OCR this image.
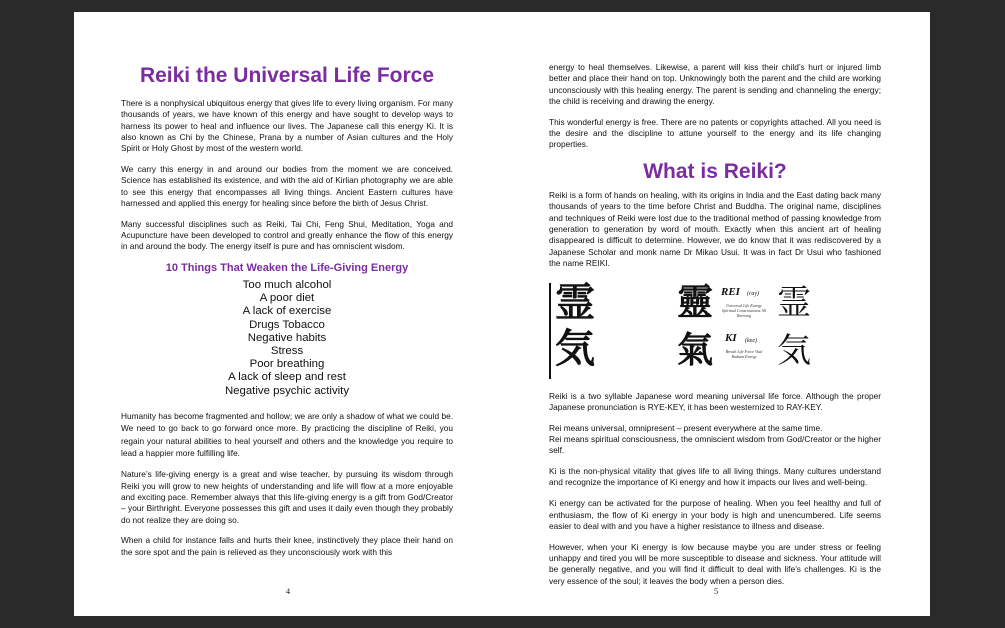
Reiki the Universal Life Force

There is a nonphysical ubiquitous energy that gives life to every living organism. For many thousands of years, we have known of this energy and have sought to develop ways to harness its power to heal and influence our lives. The Japanese call this energy Ki. It is also known as Chi by the Chinese, Prana by a number of Asian cultures and the Holy Spirit or Holy Ghost by most of the western world.

We carry this energy in and around our bodies from the moment we are conceived. Science has established its existence, and with the aid of Kirlian photography we are able to see this energy that encompasses all living things. Ancient Eastern cultures have harnessed and applied this energy for healing since before the birth of Jesus Christ.

Many successful disciplines such as Reiki, Tai Chi, Feng Shui, Meditation, Yoga and Acupuncture have been developed to control and greatly enhance the flow of this energy in and around the body. The energy itself is pure and has omniscient wisdom.

10 Things That Weaken the Life-Giving Energy
Too much alcohol
A poor diet
A lack of exercise
Drugs Tobacco
Negative habits
Stress
Poor breathing
A lack of sleep and rest
Negative psychic activity

Humanity has become fragmented and hollow; we are only a shadow of what we could be. We need to go back to go forward once more. By practicing the discipline of Reiki, you regain your natural abilities to heal yourself and others and the knowledge you require to lead a happier more fulfilling life.

Nature’s life-giving energy is a great and wise teacher, by pursuing its wisdom through Reiki you will grow to new heights of understanding and life will flow at a more enjoyable and exciting pace. Remember always that this life-giving energy is a gift from God/Creator – your Birthright. Everyone possesses this gift and uses it daily even though they probably do not realize they are doing so.

When a child for instance falls and hurts their knee, instinctively they place their hand on the sore spot and the pain is relieved as they unconsciously work with this

4

energy to heal themselves. Likewise, a parent will kiss their child’s hurt or injured limb better and place their hand on top. Unknowingly both the parent and the child are working unconsciously with this healing energy. The parent is sending and channeling the energy; the child is receiving and drawing the energy.

This wonderful energy is free. There are no patents or copyrights attached. All you need is the desire and the discipline to attune yourself to the energy and its life changing properties.

What is Reiki?

Reiki is a form of hands on healing, with its origins in India and the East dating back many thousands of years to the time before Christ and Buddha. The original name, disciplines and techniques of Reiki were lost due to the traditional method of passing knowledge from generation to generation by word of mouth. Exactly when this ancient art of healing disappeared is difficult to determine. However, we do know that it was rediscovered by a Japanese Scholar and monk name Dr Mikao Usui. It was in fact Dr Usui who fashioned the name REIKI.

霊
気
靈
氣
REI (ray)
Universal Life Energy Spiritual Consciousness All Knowing
KI (kee)
Breath Life Force Vital Radiant Energy
霊
気

Reiki is a two syllable Japanese word meaning universal life force. Although the proper Japanese pronunciation is RYE-KEY, it has been westernized to RAY-KEY.

Rei means universal, omnipresent – present everywhere at the same time.

Rei means spiritual consciousness, the omniscient wisdom from God/Creator or the higher self.

Ki is the non-physical vitality that gives life to all living things. Many cultures understand and recognize the importance of Ki energy and how it impacts our lives and well-being.

Ki energy can be activated for the purpose of healing. When you feel healthy and full of enthusiasm, the flow of Ki energy in your body is high and unencumbered. Life seems easier to deal with and you have a higher resistance to illness and disease.

However, when your Ki energy is low because maybe you are under stress or feeling unhappy and tired you will be more susceptible to disease and sickness. Your attitude will be generally negative, and you will find it difficult to deal with life’s challenges. Ki is the very essence of the soul; it leaves the body when a person dies.

5
